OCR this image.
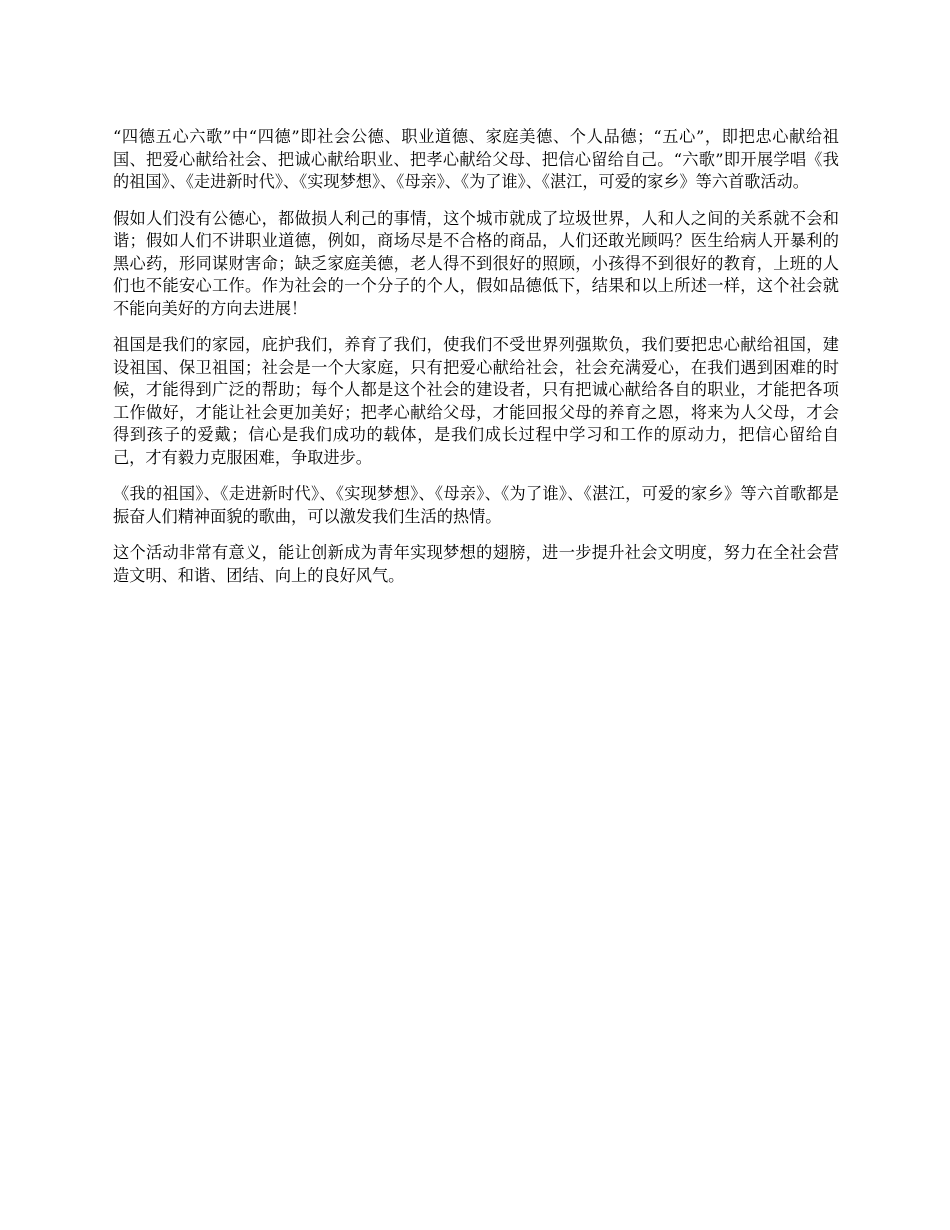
“四德五心六歌”中“四德”即社会公德、职业道德、家庭美德、个人品德；“五心”，即把忠心献给祖国、把爱心献给社会、把诚心献给职业、把孝心献给父母、把信心留给自己。“六歌”即开展学唱《我的祖国》、《走进新时代》、《实现梦想》、《母亲》、《为了谁》、《湛江，可爱的家乡》等六首歌活动。

假如人们没有公德心，都做损人利己的事情，这个城市就成了垃圾世界，人和人之间的关系就不会和谐；假如人们不讲职业道德，例如，商场尽是不合格的商品，人们还敢光顾吗？医生给病人开暴利的黑心药，形同谋财害命；缺乏家庭美德，老人得不到很好的照顾，小孩得不到很好的教育，上班的人们也不能安心工作。作为社会的一个分子的个人，假如品德低下，结果和以上所述一样，这个社会就不能向美好的方向去进展！

祖国是我们的家园，庇护我们，养育了我们，使我们不受世界列强欺负，我们要把忠心献给祖国，建设祖国、保卫祖国；社会是一个大家庭，只有把爱心献给社会，社会充满爱心，在我们遇到困难的时候，才能得到广泛的帮助；每个人都是这个社会的建设者，只有把诚心献给各自的职业，才能把各项工作做好，才能让社会更加美好；把孝心献给父母，才能回报父母的养育之恩，将来为人父母，才会得到孩子的爱戴；信心是我们成功的载体，是我们成长过程中学习和工作的原动力，把信心留给自己，才有毅力克服困难，争取进步。

《我的祖国》、《走进新时代》、《实现梦想》、《母亲》、《为了谁》、《湛江，可爱的家乡》等六首歌都是振奋人们精神面貌的歌曲，可以激发我们生活的热情。

这个活动非常有意义，能让创新成为青年实现梦想的翅膀，进一步提升社会文明度，努力在全社会营造文明、和谐、团结、向上的良好风气。
